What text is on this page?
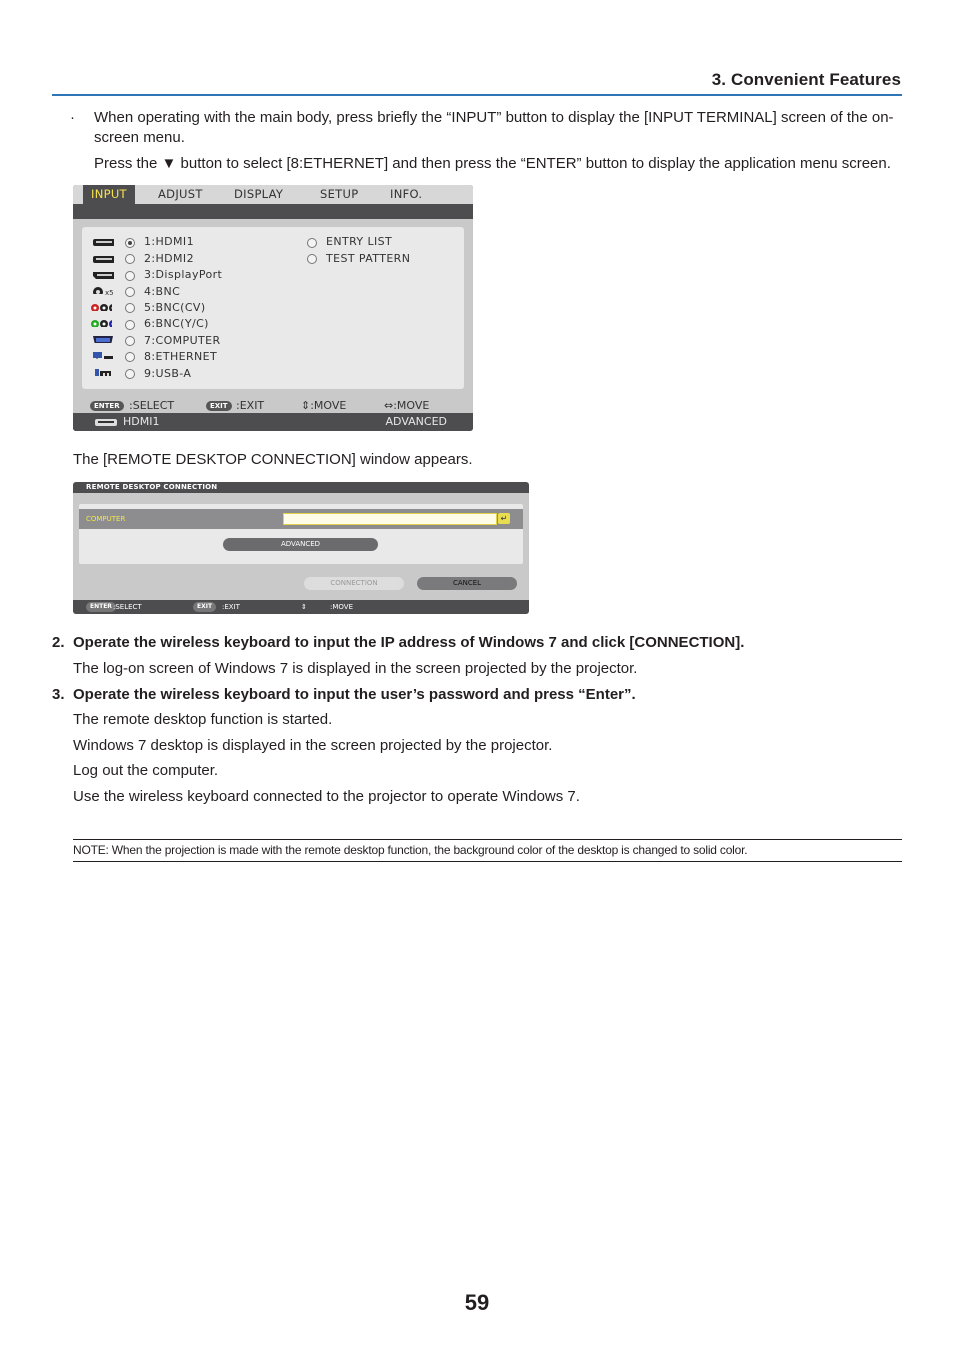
3. Convenient Features
· When operating with the main body, press briefly the “INPUT” button to display the [INPUT TERMINAL] screen of the on-
screen menu.
Press the ▼ button to select [8:ETHERNET] and then press the “ENTER” button to display the application menu screen.
INPUT	ADJUST	DISPLAY	SETUP	INFO.
1:HDMI1
2:HDMI2
3:DisplayPort
x5	4:BNC
5:BNC(CV)
6:BNC(Y/C)
7:COMPUTER
8:ETHERNET
9:USB-A
ENTRY LIST
TEST PATTERN
ENTER :SELECT	EXIT :EXIT	⇕:MOVE	⇔:MOVE
HDMI1	ADVANCED
The [REMOTE DESKTOP CONNECTION] window appears.
REMOTE DESKTOP CONNECTION
COMPUTER	↵
ADVANCED
CONNECTION	CANCEL
ENTER :SELECT	EXIT	:EXIT	⇕	:MOVE
2. Operate the wireless keyboard to input the IP address of Windows 7 and click [CONNECTION].
The log-on screen of Windows 7 is displayed in the screen projected by the projector.
3. Operate the wireless keyboard to input the user’s password and press “Enter”.
The remote desktop function is started.
Windows 7 desktop is displayed in the screen projected by the projector.
Log out the computer.
Use the wireless keyboard connected to the projector to operate Windows 7.
NOTE: When the projection is made with the remote desktop function, the background color of the desktop is changed to solid color.
59
